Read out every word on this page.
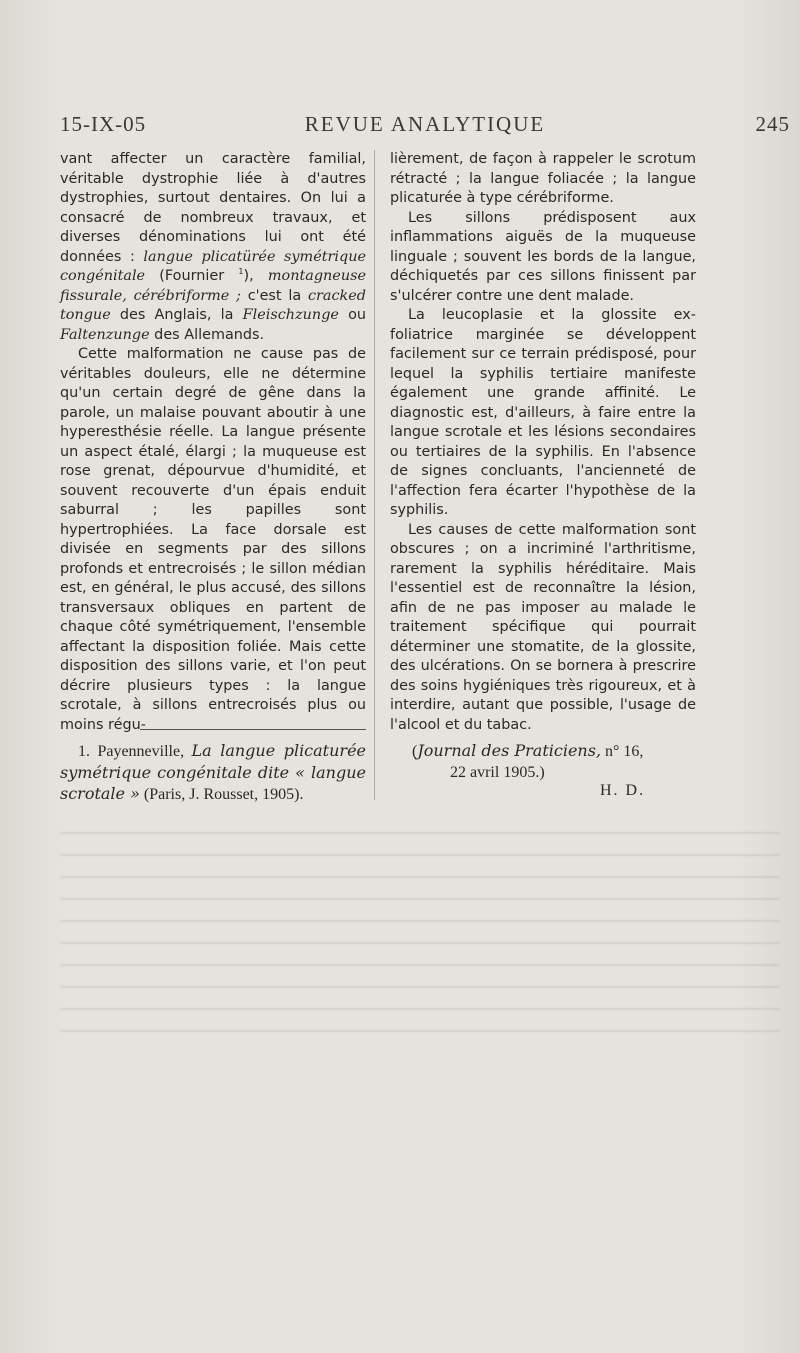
15-IX-05	REVUE ANALYTIQUE	245

vant affecter un caractère familial, véritable dystrophie liée à d'autres dystrophies, surtout dentaires. On lui a consacré de nombreux travaux, et diverses dénominations lui ont été données : langue plicatürée symétrique congénitale (Fournier $^1$), montagneuse fissurale, cérébriforme ; c'est la cracked tongue des Anglais, la Fleischzunge ou Faltenzunge des Allemands.

Cette malformation ne cause pas de véritables douleurs, elle ne détermine qu'un certain degré de gêne dans la parole, un malaise pouvant aboutir à une hyperesthésie réelle. La langue présente un aspect étalé, élargi ; la muqueuse est rose grenat, dépourvue d'humidité, et souvent recouverte d'un épais enduit saburral ; les papilles sont hypertrophiées. La face dorsale est divisée en segments par des sillons profonds et entrecroisés ; le sillon médian est, en général, le plus accusé, des sillons transversaux obliques en partent de chaque côté symétriquement, l'ensemble affectant la disposition foliée. Mais cette disposition des sillons varie, et l'on peut décrire plusieurs types : la langue scrotale, à sillons entrecroisés plus ou moins régu-

lièrement, de façon à rappeler le scrotum rétracté ; la langue foliacée ; la langue plicaturée à type cérébriforme.

Les sillons prédisposent aux inflammations aiguës de la muqueuse linguale ; souvent les bords de la langue, déchiquetés par ces sillons finissent par s'ulcérer contre une dent malade.

La leucoplasie et la glossite ex-foliatrice marginée se développent facilement sur ce terrain prédisposé, pour lequel la syphilis tertiaire manifeste également une grande affinité. Le diagnostic est, d'ailleurs, à faire entre la langue scrotale et les lésions secondaires ou tertiaires de la syphilis. En l'absence de signes concluants, l'ancienneté de l'affection fera écarter l'hypothèse de la syphilis.

Les causes de cette malformation sont obscures ; on a incriminé l'arthritisme, rarement la syphilis héréditaire. Mais l'essentiel est de reconnaître la lésion, afin de ne pas imposer au malade le traitement spécifique qui pourrait déterminer une stomatite, de la glossite, des ulcérations. On se bornera à prescrire des soins hygiéniques très rigoureux, et à interdire, autant que possible, l'usage de l'alcool et du tabac.

1. Payenneville, La langue plicaturée symétrique congénitale dite « langue scrotale » (Paris, J. Rousset, 1905).

(Journal des Praticiens, n° 16,
22 avril 1905.)
H. D.
